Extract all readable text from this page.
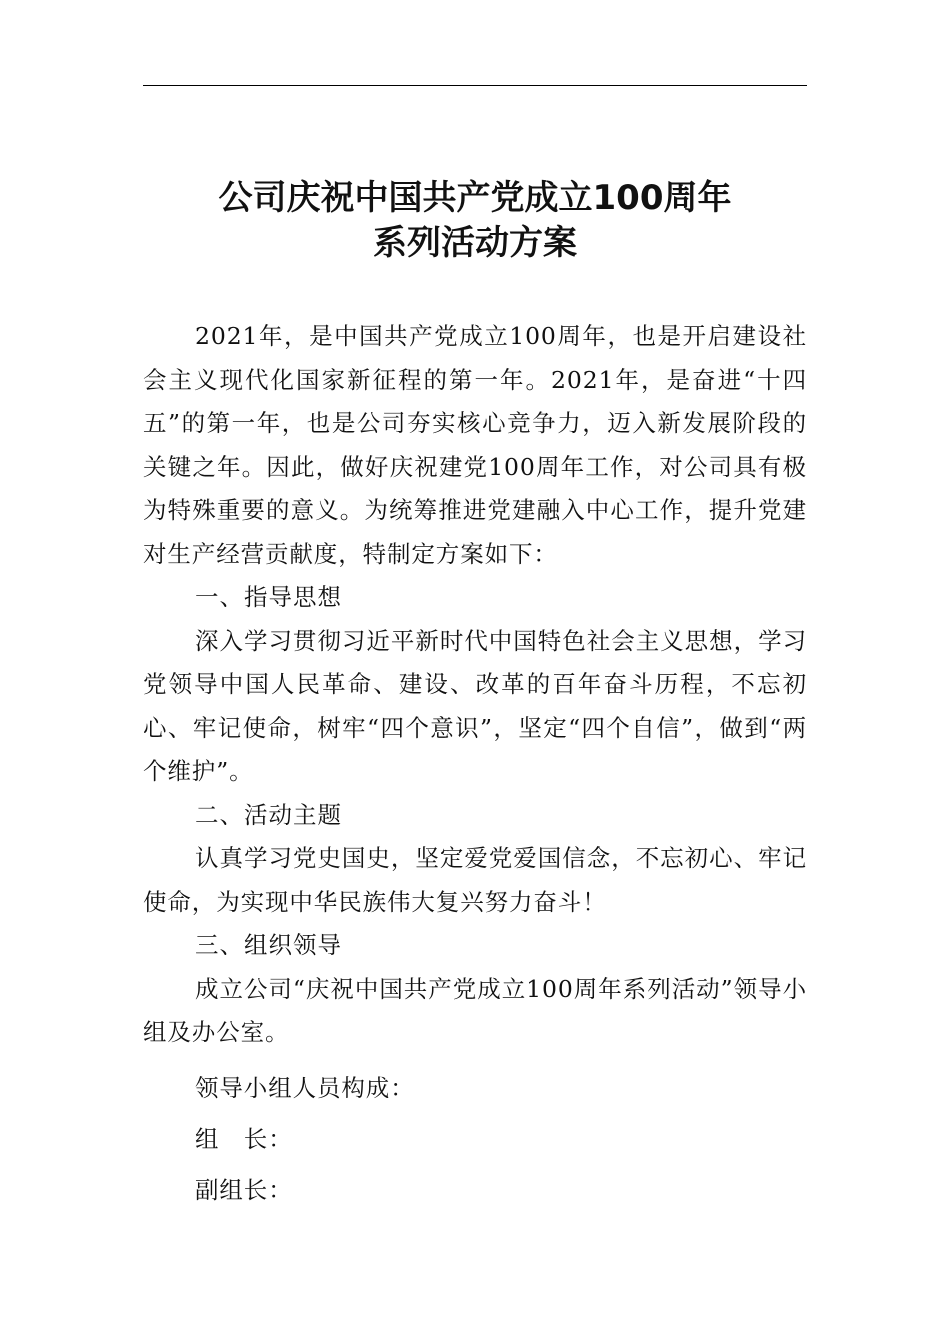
公司庆祝中国共产党成立100周年
系列活动方案

2021年，是中国共产党成立100周年，也是开启建设社会主义现代化国家新征程的第一年。2021年，是奋进“十四五”的第一年，也是公司夯实核心竞争力，迈入新发展阶段的关键之年。因此，做好庆祝建党100周年工作，对公司具有极为特殊重要的意义。为统筹推进党建融入中心工作，提升党建对生产经营贡献度，特制定方案如下：

一、指导思想

深入学习贯彻习近平新时代中国特色社会主义思想，学习党领导中国人民革命、建设、改革的百年奋斗历程，不忘初心、牢记使命，树牢“四个意识”，坚定“四个自信”，做到“两个维护”。

二、活动主题

认真学习党史国史，坚定爱党爱国信念，不忘初心、牢记使命，为实现中华民族伟大复兴努力奋斗！

三、组织领导

成立公司“庆祝中国共产党成立100周年系列活动”领导小组及办公室。

领导小组人员构成：

组　长：

副组长：
